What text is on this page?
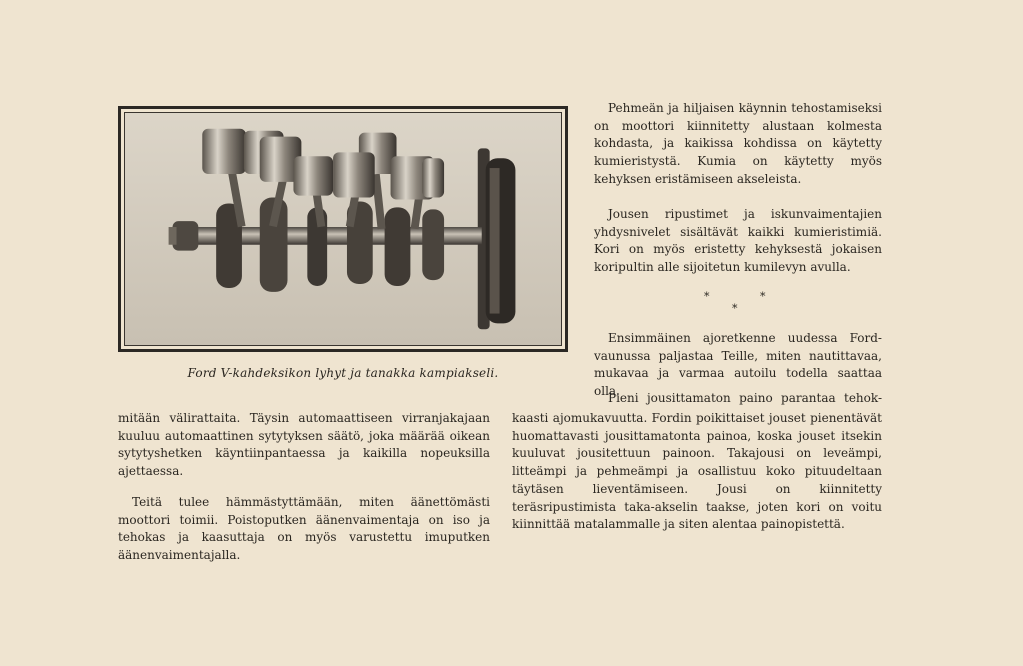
Ford V-kahdeksikon lyhyt ja tanakka kampiakseli.

Pehmeän ja hiljaisen käynnin tehostamiseksi on moottori kiinnitetty alustaan kolmesta kohdasta, ja kaikissa kohdissa on käytetty kumieristystä. Kumia on käytetty myös kehyksen eristämiseen akseleista.

Jousen ripustimet ja iskunvaimentajien yhdysnivelet sisältävät kaikki kumieristimiä. Kori on myös eristetty kehyksestä jokaisen koripultin alle sijoitetun kumilevyn avulla.

*	*
*

Ensimmäinen ajoretkenne uudessa Ford-vaunussa paljastaa Teille, miten nautittavaa, mukavaa ja varmaa autoilu todella saattaa olla.

Pieni jousittamaton paino parantaa tehok-

kaasti ajomukavuutta. Fordin poikittaiset jouset pienentävät huomattavasti jousittamatonta painoa, koska jouset itsekin kuuluvat jousitettuun painoon. Takajousi on leveämpi, litteämpi ja pehmeämpi ja osallistuu koko pituudeltaan täytäsen lieventämiseen. Jousi on kiinnitetty teräsripustimista taka-akselin taakse, joten kori on voitu kiinnittää matalammalle ja siten alentaa painopistettä.

mitään välirattaita. Täysin automaattiseen virranjakajaan kuuluu automaattinen sytytyksen säätö, joka määrää oikean sytytyshetken käyntiinpantaessa ja kaikilla nopeuksilla ajettaessa.

Teitä tulee hämmästyttämään, miten äänettömästi moottori toimii. Poistoputken äänenvaimentaja on iso ja tehokas ja kaasuttaja on myös varustettu imuputken äänenvaimentajalla.
